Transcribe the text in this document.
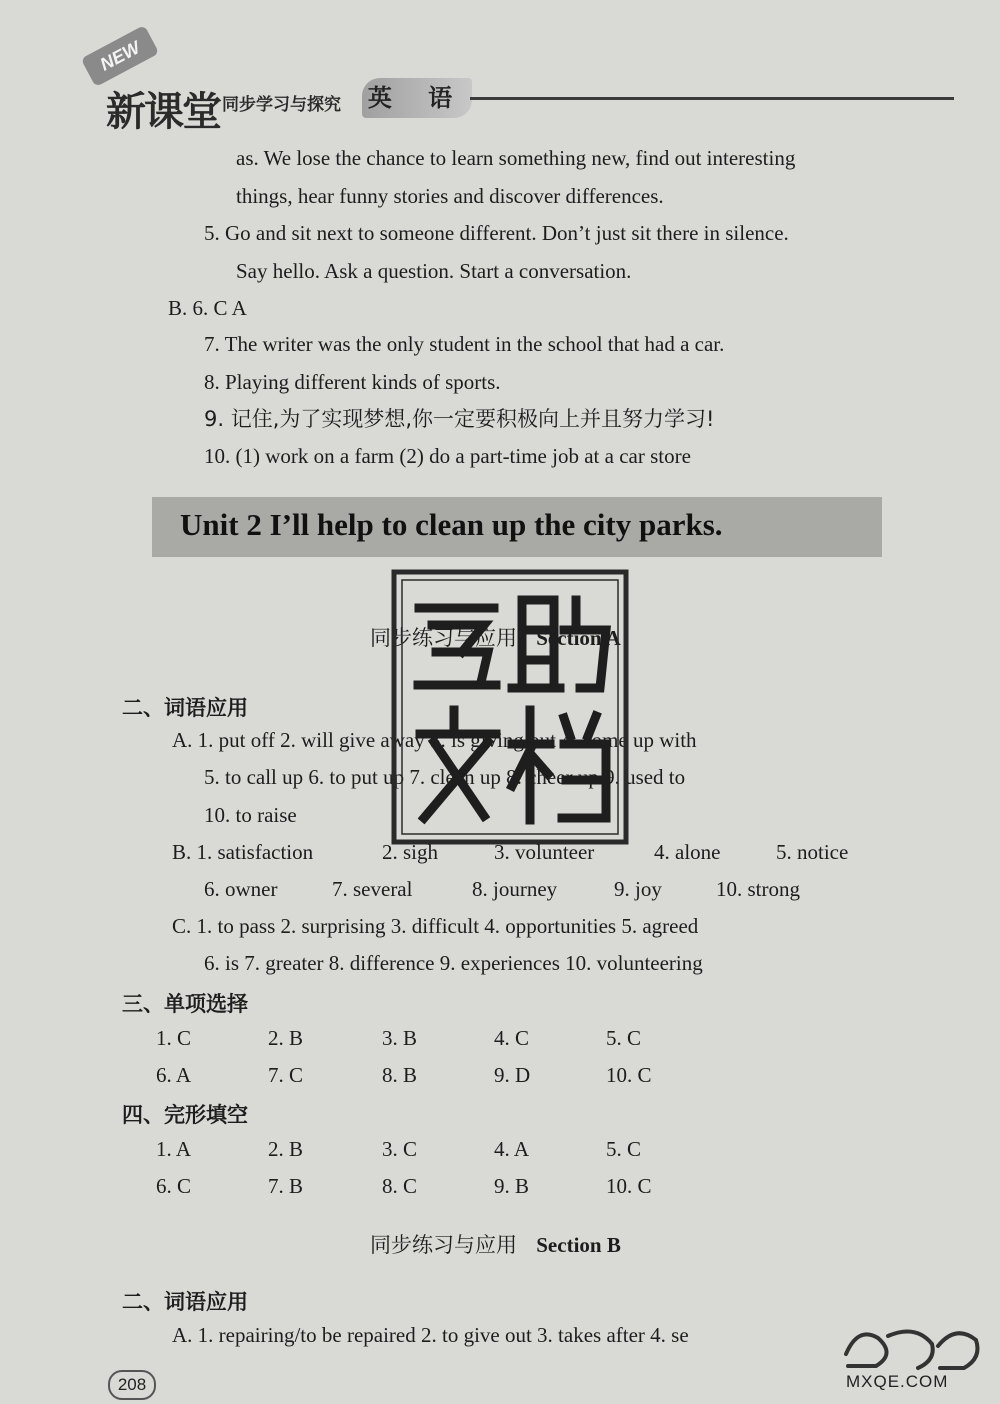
NEW
新课堂 同步学习与探究 英 语
as. We lose the chance to learn something new, find out interesting
things, hear funny stories and discover differences.
5. Go and sit next to someone different. Don’t just sit there in silence.
Say hello. Ask a question. Start a conversation.
B. 6. C A
7. The writer was the only student in the school that had a car.
8. Playing different kinds of sports.
9. 记住,为了实现梦想,你一定要积极向上并且努力学习!
10. (1) work on a farm (2) do a part-time job at a car store
Unit 2 I’ll help to clean up the city parks.
同步练习与应用 Section A
二、词语应用
A. 1. put off 2. will give away 3. is giving out 4. come up with
5. to call up 6. to put up 7. clean up 8. cheer up 9. used to
10. to raise
B. 1. satisfaction	2. sigh	3. volunteer	4. alone	5. notice
6. owner	7. several	8. journey	9. joy	10. strong
C. 1. to pass 2. surprising 3. difficult 4. opportunities 5. agreed
6. is 7. greater 8. difference 9. experiences 10. volunteering
三、单项选择
1. C	2. B	3. B	4. C	5. C
6. A	7. C	8. B	9. D	10. C
四、完形填空
1. A	2. B	3. C	4. A	5. C
6. C	7. B	8. C	9. B	10. C
同步练习与应用 Section B
二、词语应用
A. 1. repairing/to be repaired 2. to give out 3. takes after 4. se
208	MXQE.COM
